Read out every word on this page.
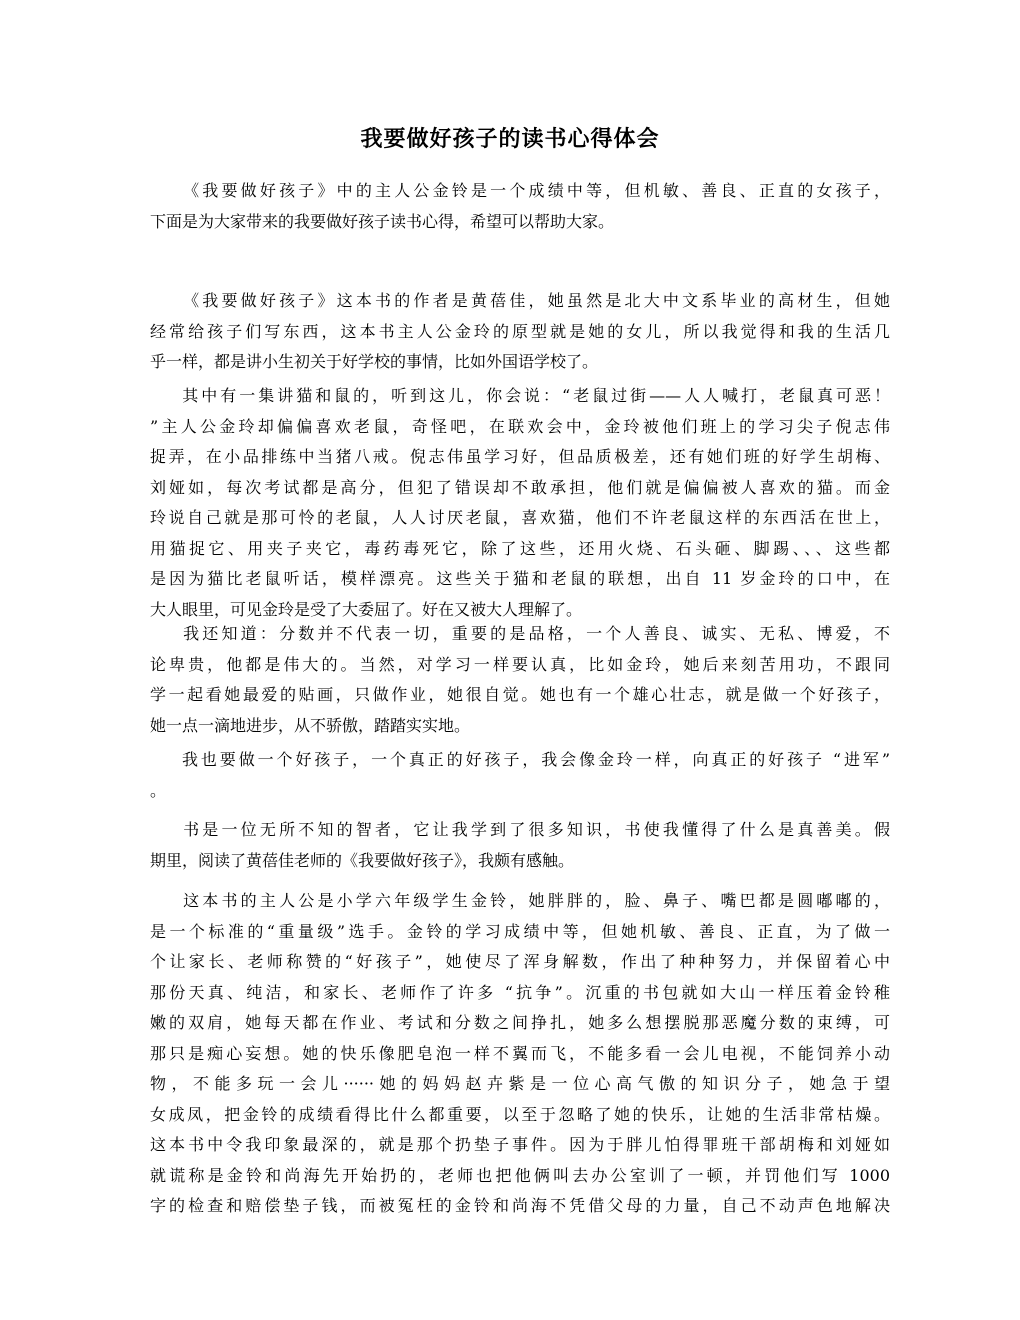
我要做好孩子的读书心得体会
《我要做好孩子》中的主人公金铃是一个成绩中等，但机敏、善良、正直的女孩子，
下面是为大家带来的我要做好孩子读书心得，希望可以帮助大家。
《我要做好孩子》这本书的作者是黄蓓佳，她虽然是北大中文系毕业的高材生，但她
经常给孩子们写东西，这本书主人公金玲的原型就是她的女儿，所以我觉得和我的生活几
乎一样，都是讲小生初关于好学校的事情，比如外国语学校了。
其中有一集讲猫和鼠的，听到这儿，你会说：“老鼠过街——人人喊打，老鼠真可恶！
”主人公金玲却偏偏喜欢老鼠，奇怪吧，在联欢会中，金玲被他们班上的学习尖子倪志伟
捉弄，在小品排练中当猪八戒。倪志伟虽学习好，但品质极差，还有她们班的好学生胡梅、
刘娅如，每次考试都是高分，但犯了错误却不敢承担，他们就是偏偏被人喜欢的猫。而金
玲说自己就是那可怜的老鼠，人人讨厌老鼠，喜欢猫，他们不许老鼠这样的东西活在世上，
用猫捉它、用夹子夹它，毒药毒死它，除了这些，还用火烧、石头砸、脚踢、、、这些都
是因为猫比老鼠听话，模样漂亮。这些关于猫和老鼠的联想，出自 11 岁金玲的口中，在
大人眼里，可见金玲是受了大委屈了。好在又被大人理解了。
我还知道：分数并不代表一切，重要的是品格，一个人善良、诚实、无私、博爱，不
论卑贵，他都是伟大的。当然，对学习一样要认真，比如金玲，她后来刻苦用功，不跟同
学一起看她最爱的贴画，只做作业，她很自觉。她也有一个雄心壮志，就是做一个好孩子，
她一点一滴地进步，从不骄傲，踏踏实实地。
我也要做一个好孩子，一个真正的好孩子，我会像金玲一样，向真正的好孩子 “进军”
。
书是一位无所不知的智者，它让我学到了很多知识，书使我懂得了什么是真善美。假
期里，阅读了黄蓓佳老师的《我要做好孩子》，我颇有感触。
这本书的主人公是小学六年级学生金铃，她胖胖的，脸、鼻子、嘴巴都是圆嘟嘟的，
是一个标准的“重量级”选手。金铃的学习成绩中等，但她机敏、善良、正直，为了做一
个让家长、老师称赞的“好孩子”，她使尽了浑身解数，作出了种种努力，并保留着心中
那份天真、纯洁，和家长、老师作了许多 “抗争”。沉重的书包就如大山一样压着金铃稚
嫩的双肩，她每天都在作业、考试和分数之间挣扎，她多么想摆脱那恶魔分数的束缚，可
那只是痴心妄想。她的快乐像肥皂泡一样不翼而飞，不能多看一会儿电视，不能饲养小动
物，不能多玩一会儿······她的妈妈赵卉紫是一位心高气傲的知识分子，她急于望
女成凤，把金铃的成绩看得比什么都重要，以至于忽略了她的快乐，让她的生活非常枯燥。
这本书中令我印象最深的，就是那个扔垫子事件。因为于胖儿怕得罪班干部胡梅和刘娅如
就谎称是金铃和尚海先开始扔的，老师也把他俩叫去办公室训了一顿，并罚他们写 1000
字的检查和赔偿垫子钱，而被冤枉的金铃和尚海不凭借父母的力量，自己不动声色地解决
